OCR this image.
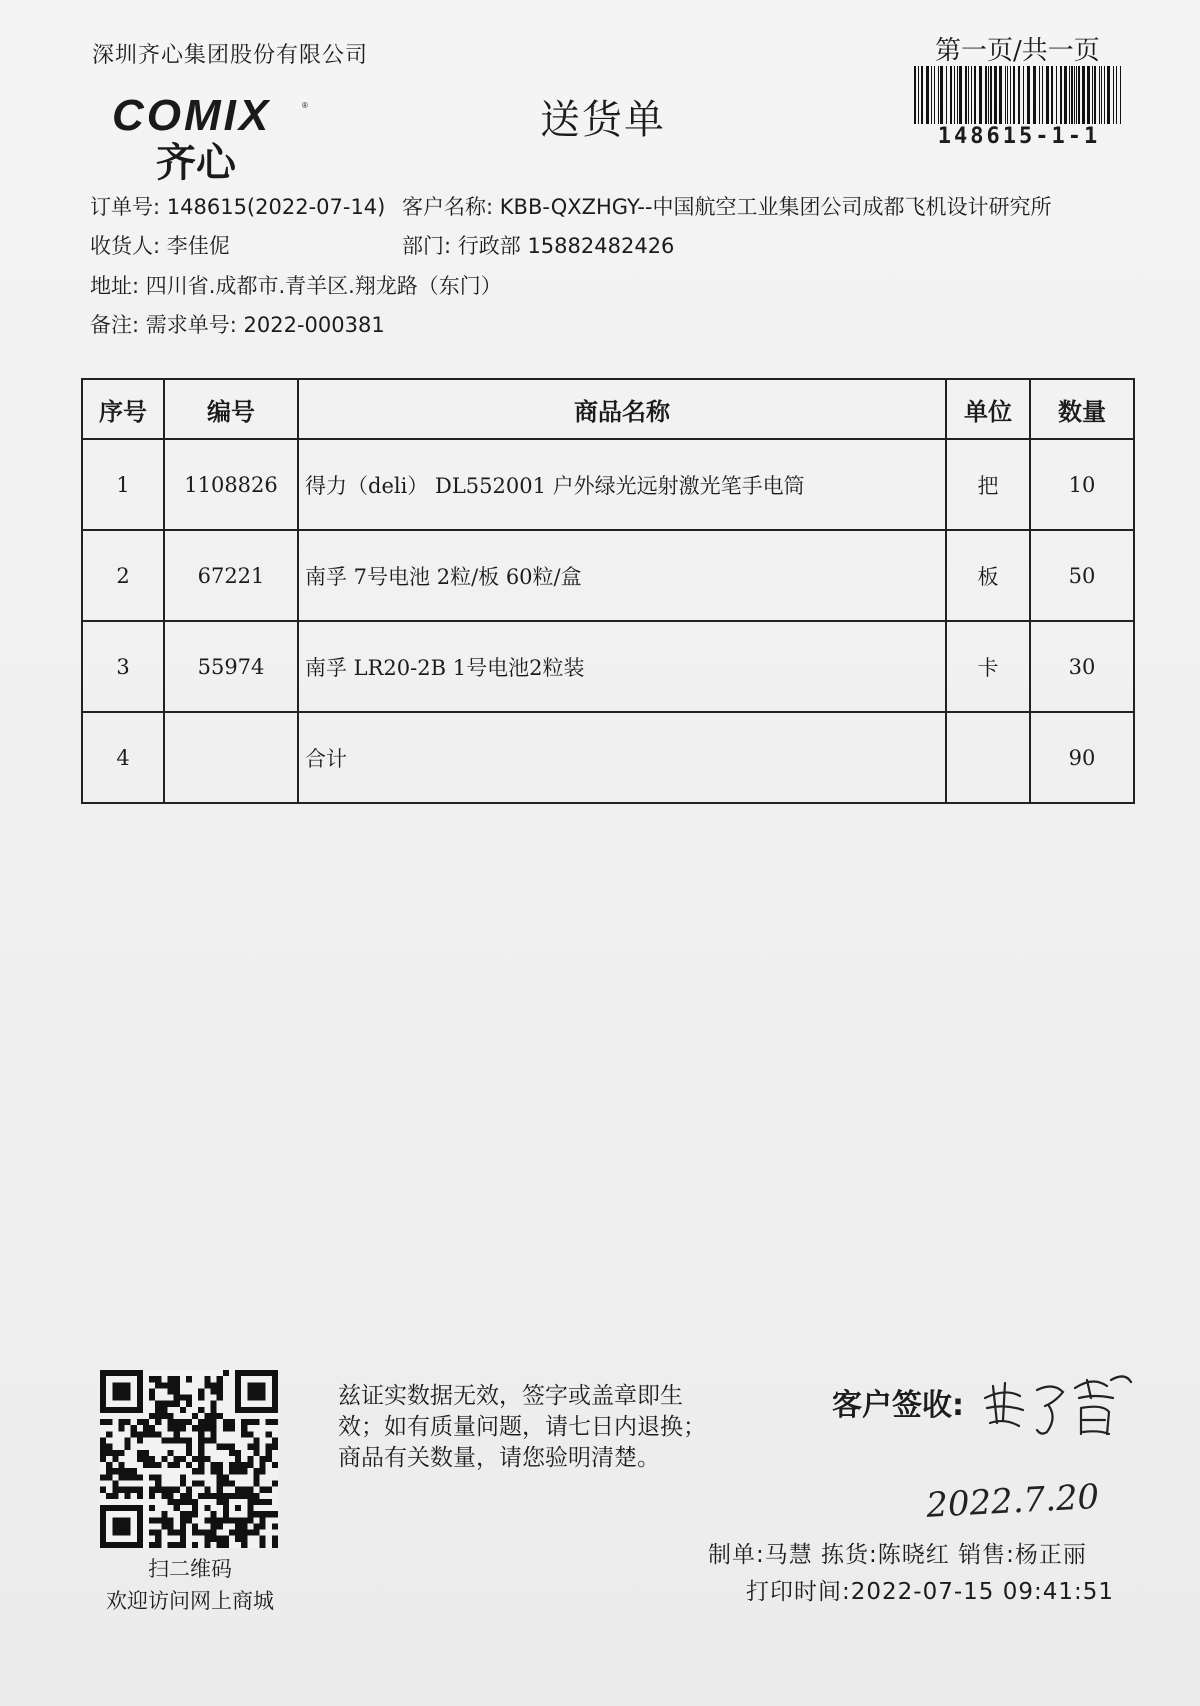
深圳齐心集团股份有限公司	第一页/共一页
COMIX	®
齐心
送货单	148615-1-1
订单号: 148615(2022-07-14) 客户名称: KBB-QXZHGY--中国航空工业集团公司成都飞机设计研究所
收货人: 李佳伲	部门: 行政部 15882482426
地址: 四川省.成都市.青羊区.翔龙路（东门）
备注: 需求单号: 2022-000381
序号	编号	商品名称	单位	数量
1	1108826	得力（deli） DL552001 户外绿光远射激光笔手电筒	把	10
2	67221	南孚 7号电池 2粒/板 60粒/盒	板	50
3	55974	南孚 LR20-2B 1号电池2粒装	卡	30
4		合计		90
扫二维码
欢迎访问网上商城
兹证实数据无效，签字或盖章即生
效；如有质量问题，请七日内退换；
商品有关数量，请您验明清楚。
客户签收:
2022.7.20
制单:马慧 拣货:陈晓红 销售:杨正丽
打印时间:2022-07-15 09:41:51
